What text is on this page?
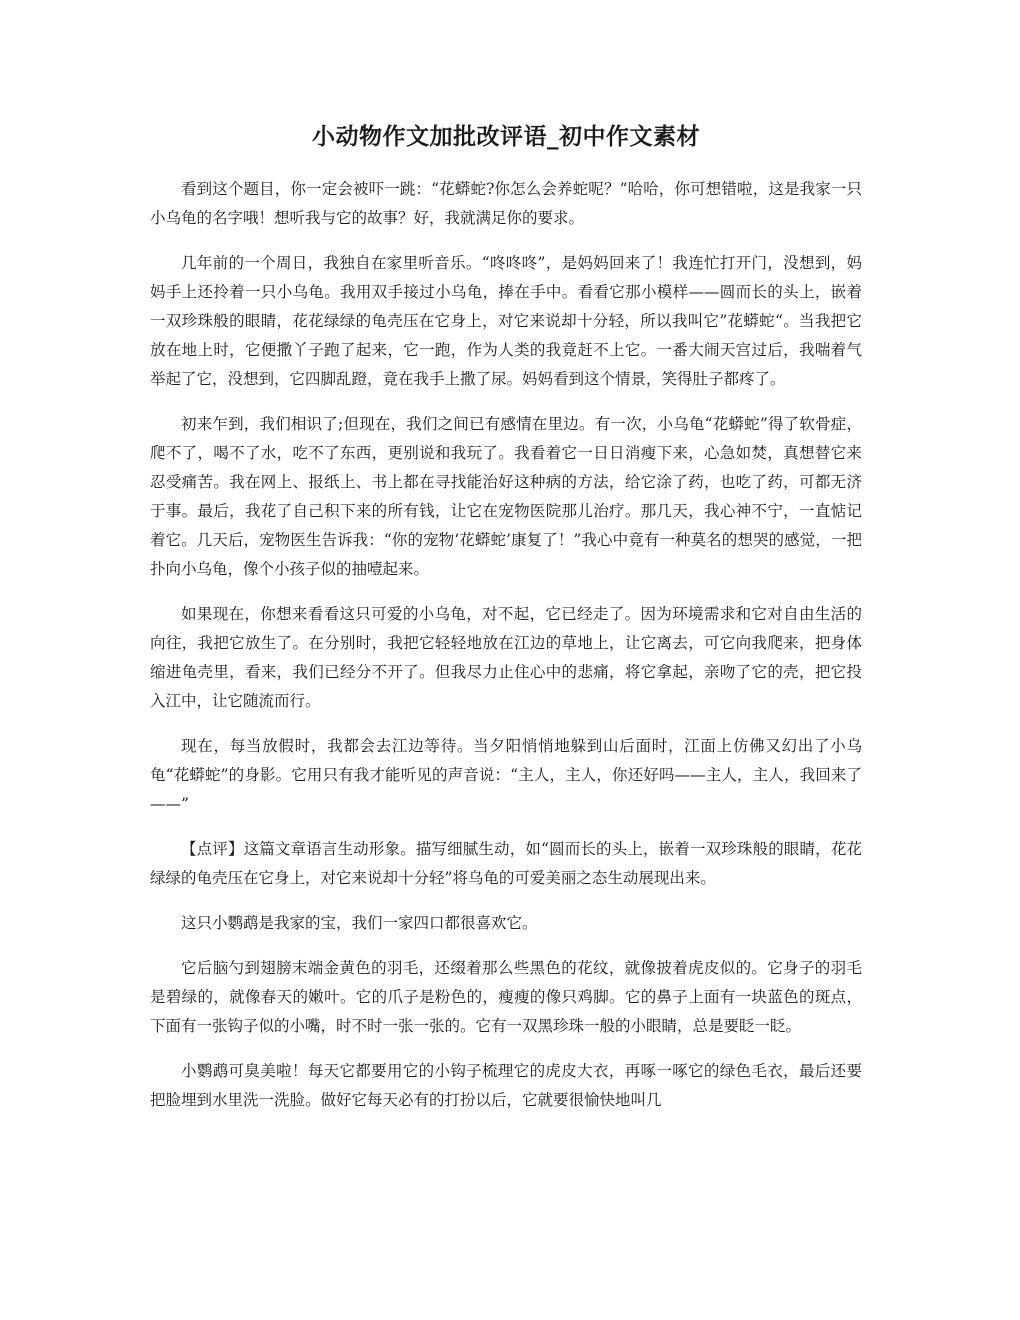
小动物作文加批改评语_初中作文素材

看到这个题目，你一定会被吓一跳：“花蟒蛇?你怎么会养蛇呢？”哈哈，你可想错啦，这是我家一只小乌龟的名字哦！想听我与它的故事？好，我就满足你的要求。

几年前的一个周日，我独自在家里听音乐。“咚咚咚”，是妈妈回来了！我连忙打开门，没想到，妈妈手上还拎着一只小乌龟。我用双手接过小乌龟，捧在手中。看看它那小模样——圆而长的头上，嵌着一双珍珠般的眼睛，花花绿绿的龟壳压在它身上，对它来说却十分轻，所以我叫它”花蟒蛇“。当我把它放在地上时，它便撒丫子跑了起来，它一跑，作为人类的我竟赶不上它。一番大闹天宫过后，我喘着气举起了它，没想到，它四脚乱蹬，竟在我手上撒了尿。妈妈看到这个情景，笑得肚子都疼了。

初来乍到，我们相识了;但现在，我们之间已有感情在里边。有一次，小乌龟“花蟒蛇”得了软骨症，爬不了，喝不了水，吃不了东西，更别说和我玩了。我看着它一日日消瘦下来，心急如焚，真想替它来忍受痛苦。我在网上、报纸上、书上都在寻找能治好这种病的方法，给它涂了药，也吃了药，可都无济于事。最后，我花了自己积下来的所有钱，让它在宠物医院那儿治疗。那几天，我心神不宁，一直惦记着它。几天后，宠物医生告诉我：“你的宠物‘花蟒蛇’康复了！”我心中竟有一种莫名的想哭的感觉，一把扑向小乌龟，像个小孩子似的抽噎起来。

如果现在，你想来看看这只可爱的小乌龟，对不起，它已经走了。因为环境需求和它对自由生活的向往，我把它放生了。在分别时，我把它轻轻地放在江边的草地上，让它离去，可它向我爬来，把身体缩进龟壳里，看来，我们已经分不开了。但我尽力止住心中的悲痛，将它拿起，亲吻了它的壳，把它投入江中，让它随流而行。

现在，每当放假时，我都会去江边等待。当夕阳悄悄地躲到山后面时，江面上仿佛又幻出了小乌龟“花蟒蛇”的身影。它用只有我才能听见的声音说：“主人，主人，你还好吗——主人，主人，我回来了——”

【点评】这篇文章语言生动形象。描写细腻生动，如“圆而长的头上，嵌着一双珍珠般的眼睛，花花绿绿的龟壳压在它身上，对它来说却十分轻”将乌龟的可爱美丽之态生动展现出来。

这只小鹦鹉是我家的宝，我们一家四口都很喜欢它。

它后脑勺到翅膀末端金黄色的羽毛，还缀着那么些黑色的花纹，就像披着虎皮似的。它身子的羽毛是碧绿的，就像春天的嫩叶。它的爪子是粉色的，瘦瘦的像只鸡脚。它的鼻子上面有一块蓝色的斑点，下面有一张钩子似的小嘴，时不时一张一张的。它有一双黑珍珠一般的小眼睛，总是要眨一眨。

小鹦鹉可臭美啦！每天它都要用它的小钩子梳理它的虎皮大衣，再啄一啄它的绿色毛衣，最后还要把脸埋到水里洗一洗脸。做好它每天必有的打扮以后，它就要很愉快地叫几
